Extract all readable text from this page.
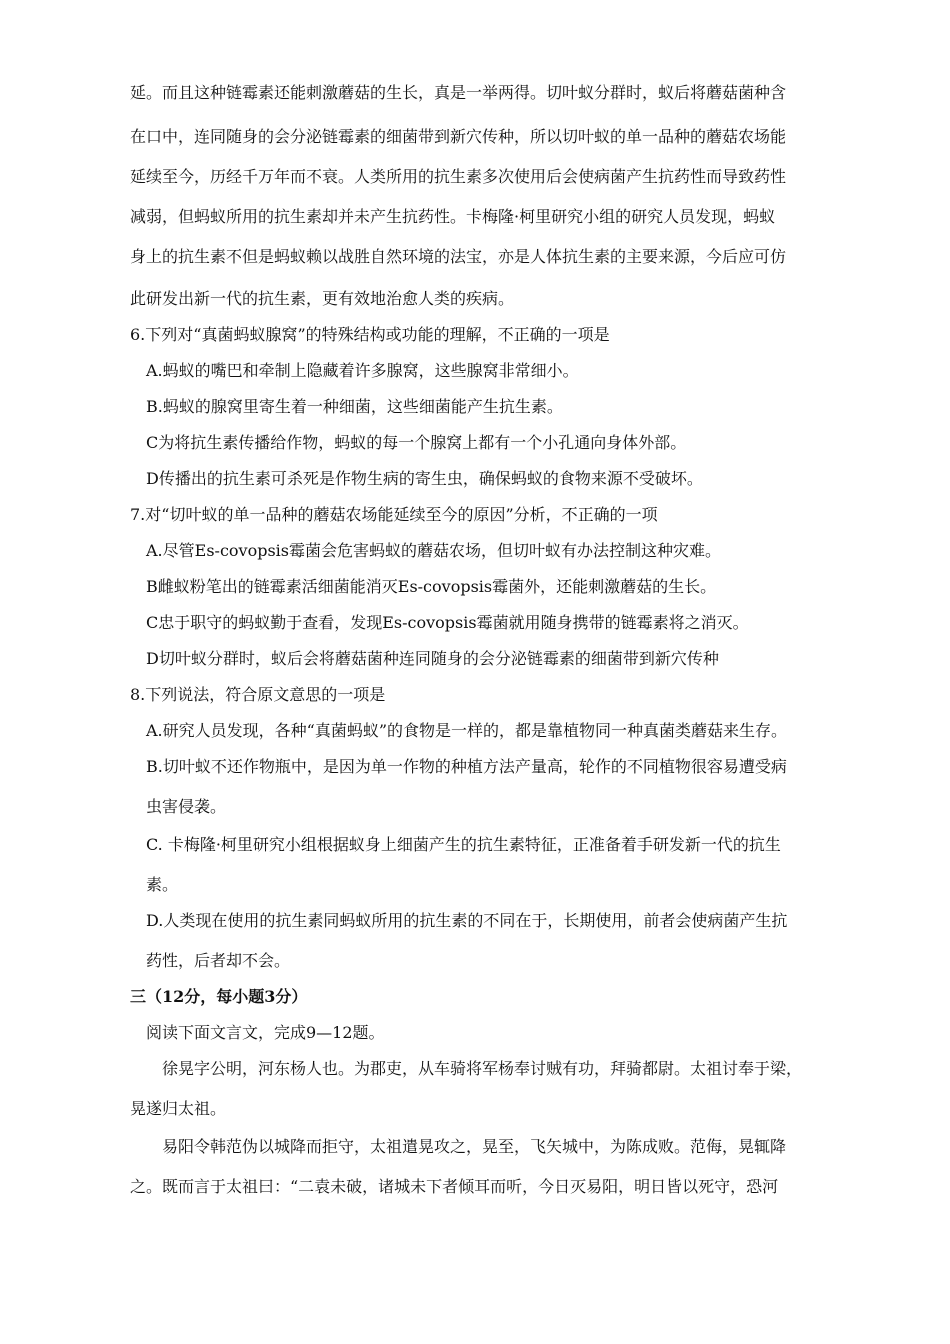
延。而且这种链霉素还能刺激蘑菇的生长，真是一举两得。切叶蚁分群时，蚁后将蘑菇菌种含
在口中，连同随身的会分泌链霉素的细菌带到新穴传种，所以切叶蚁的单一品种的蘑菇农场能
延续至今，历经千万年而不衰。人类所用的抗生素多次使用后会使病菌产生抗药性而导致药性
减弱，但蚂蚁所用的抗生素却并未产生抗药性。卡梅隆·柯里研究小组的研究人员发现，蚂蚁
身上的抗生素不但是蚂蚁赖以战胜自然环境的法宝，亦是人体抗生素的主要来源，今后应可仿
此研发出新一代的抗生素，更有效地治愈人类的疾病。
6.下列对“真菌蚂蚁腺窝”的特殊结构或功能的理解，不正确的一项是
A.蚂蚁的嘴巴和牵制上隐藏着许多腺窝，这些腺窝非常细小。
B.蚂蚁的腺窝里寄生着一种细菌，这些细菌能产生抗生素。
C为将抗生素传播给作物，蚂蚁的每一个腺窝上都有一个小孔通向身体外部。
D传播出的抗生素可杀死是作物生病的寄生虫，确保蚂蚁的食物来源不受破坏。
7.对“切叶蚁的单一品种的蘑菇农场能延续至今的原因”分析，不正确的一项
A.尽管Es-covopsis霉菌会危害蚂蚁的蘑菇农场，但切叶蚁有办法控制这种灾难。
B雌蚁粉笔出的链霉素活细菌能消灭Es-covopsis霉菌外，还能刺激蘑菇的生长。
C忠于职守的蚂蚁勤于查看，发现Es-covopsis霉菌就用随身携带的链霉素将之消灭。
D切叶蚁分群时，蚁后会将蘑菇菌种连同随身的会分泌链霉素的细菌带到新穴传种
8.下列说法，符合原文意思的一项是
A.研究人员发现，各种“真菌蚂蚁”的食物是一样的，都是靠植物同一种真菌类蘑菇来生存。
B.切叶蚁不还作物瓶中，是因为单一作物的种植方法产量高，轮作的不同植物很容易遭受病
虫害侵袭。
C. 卡梅隆·柯里研究小组根据蚁身上细菌产生的抗生素特征，正准备着手研发新一代的抗生
素。
D.人类现在使用的抗生素同蚂蚁所用的抗生素的不同在于，长期使用，前者会使病菌产生抗
药性，后者却不会。
三（12分，每小题3分）
阅读下面文言文，完成9—12题。
徐晃字公明，河东杨人也。为郡吏，从车骑将军杨奉讨贼有功，拜骑都尉。太祖讨奉于梁，
晃遂归太祖。
易阳令韩范伪以城降而拒守，太祖遣晃攻之，晃至，飞矢城中，为陈成败。范侮，晃辄降
之。既而言于太祖曰：“二袁未破，诸城未下者倾耳而听，今日灭易阳，明日皆以死守，恐河
